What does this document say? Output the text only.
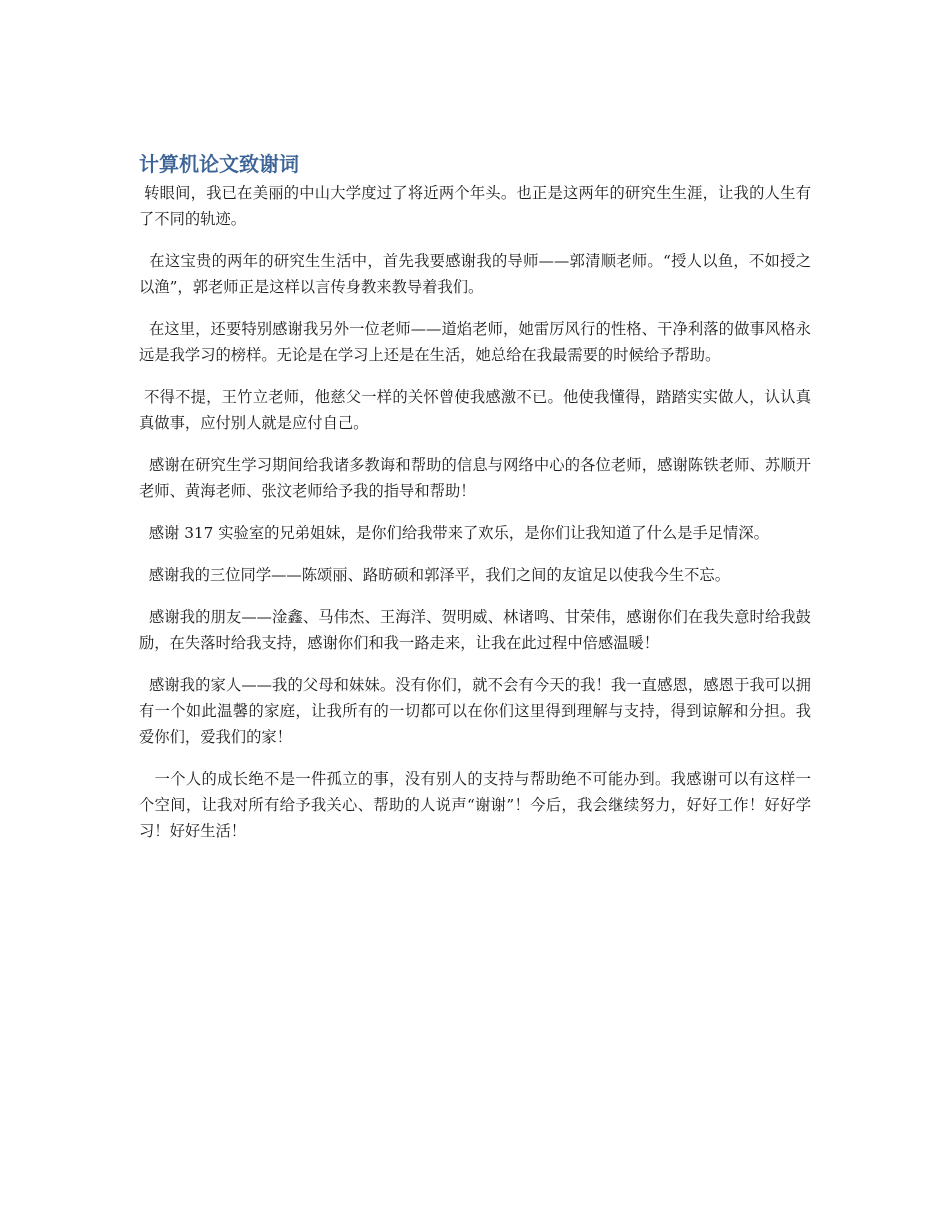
计算机论文致谢词

转眼间，我已在美丽的中山大学度过了将近两个年头。也正是这两年的研究生生涯，让我的人生有了不同的轨迹。

在这宝贵的两年的研究生生活中，首先我要感谢我的导师——郭清顺老师。“授人以鱼，不如授之以渔”，郭老师正是这样以言传身教来教导着我们。

在这里，还要特别感谢我另外一位老师——道焰老师，她雷厉风行的性格、干净利落的做事风格永远是我学习的榜样。无论是在学习上还是在生活，她总给在我最需要的时候给予帮助。

不得不提，王竹立老师，他慈父一样的关怀曾使我感激不已。他使我懂得，踏踏实实做人，认认真真做事，应付别人就是应付自己。

感谢在研究生学习期间给我诸多教诲和帮助的信息与网络中心的各位老师，感谢陈铁老师、苏顺开老师、黄海老师、张汶老师给予我的指导和帮助！

感谢 317 实验室的兄弟姐妹，是你们给我带来了欢乐，是你们让我知道了什么是手足情深。

感谢我的三位同学——陈颂丽、路昉硕和郭泽平，我们之间的友谊足以使我今生不忘。

感谢我的朋友——淦鑫、马伟杰、王海洋、贺明威、林诸鸣、甘荣伟，感谢你们在我失意时给我鼓励，在失落时给我支持，感谢你们和我一路走来，让我在此过程中倍感温暖！

感谢我的家人——我的父母和妹妹。没有你们，就不会有今天的我！我一直感恩，感恩于我可以拥有一个如此温馨的家庭，让我所有的一切都可以在你们这里得到理解与支持，得到谅解和分担。我爱你们，爱我们的家！

一个人的成长绝不是一件孤立的事，没有别人的支持与帮助绝不可能办到。我感谢可以有这样一个空间，让我对所有给予我关心、帮助的人说声“谢谢”！今后，我会继续努力，好好工作！好好学习！好好生活！
